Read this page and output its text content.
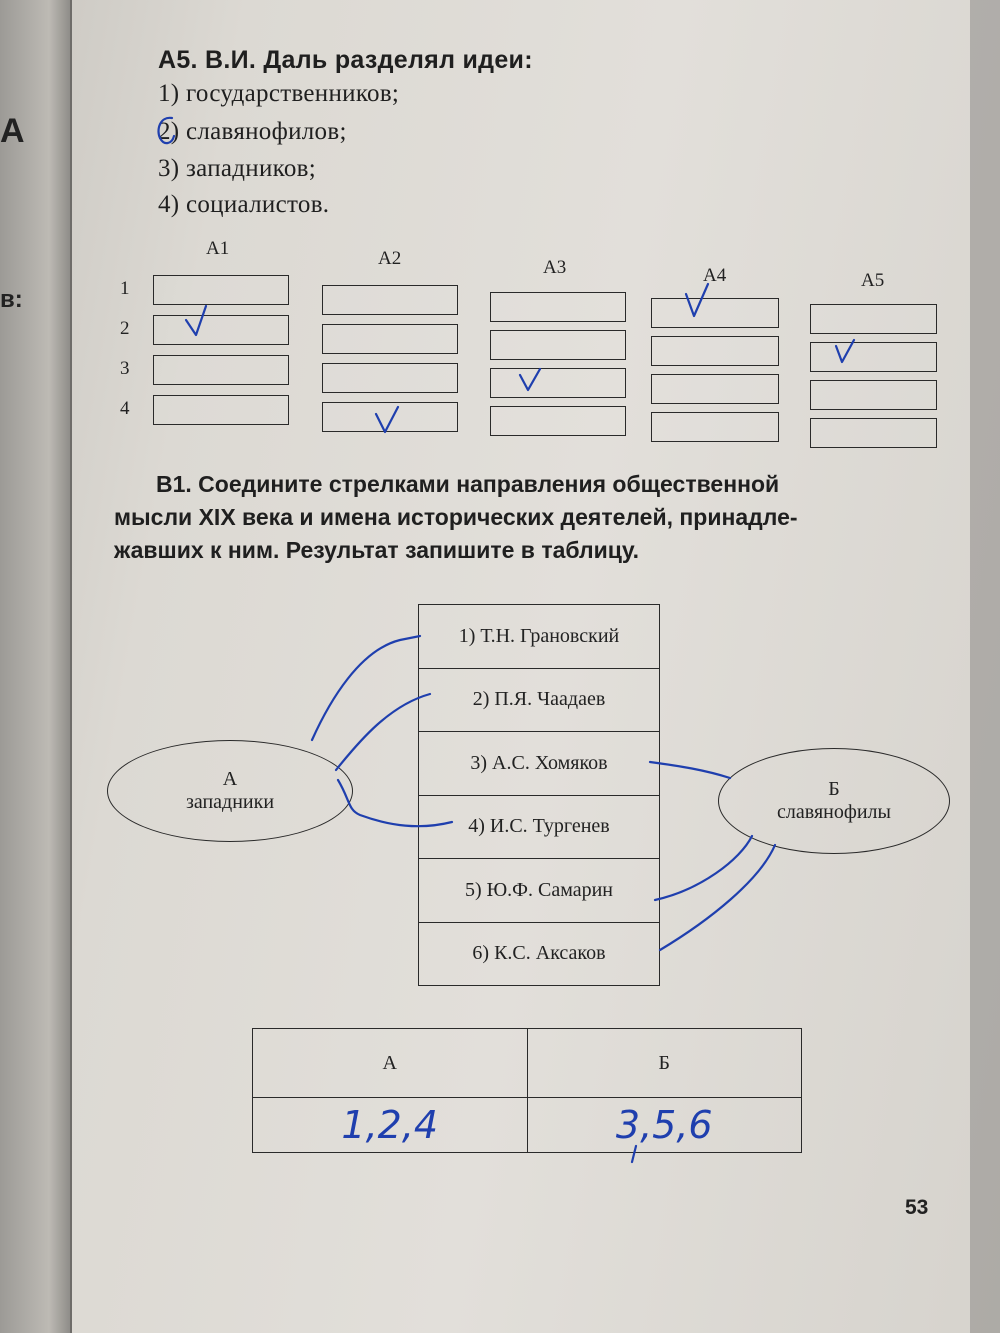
А
в:
А5. В.И. Даль разделял идеи:
1) государственников;
2) славянофилов;
3) западников;
4) социалистов.
А1	А2	А3	А4	А5
1
2
3
4
В1. Соедините стрелками направления общественной
мысли XIX века и имена исторических деятелей, принадле-
жавших к ним. Результат запишите в таблицу.
1) Т.Н. Грановский
2) П.Я. Чаадаев
3) А.С. Хомяков
4) И.С. Тургенев
5) Ю.Ф. Самарин
6) К.С. Аксаков
А
западники
Б
славянофилы
А	Б
1,2,4	3,5,6
53
